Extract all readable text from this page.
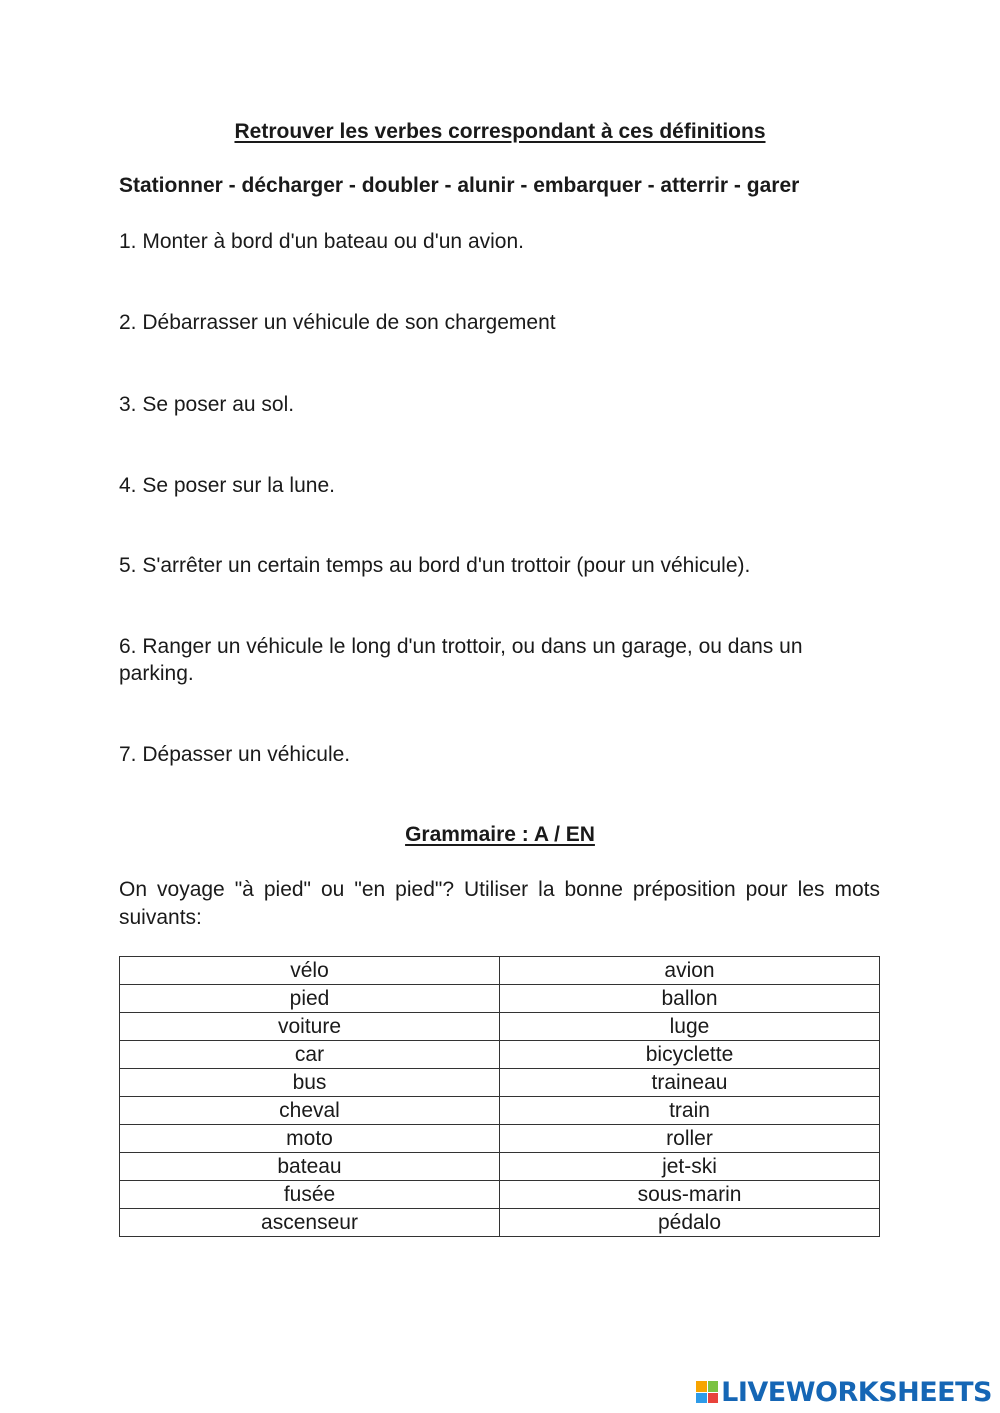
Retrouver les verbes correspondant à ces définitions

Stationner - décharger - doubler - alunir - embarquer - atterrir - garer

1. Monter à bord d'un bateau ou d'un avion.

2. Débarrasser un véhicule de son chargement

3. Se poser au sol.

4. Se poser sur la lune.

5. S'arrêter un certain temps au bord d'un trottoir (pour un véhicule).

6. Ranger un véhicule le long d'un trottoir, ou dans un garage, ou dans un parking.

7. Dépasser un véhicule.

Grammaire : A / EN

On voyage "à pied" ou "en pied"? Utiliser la bonne préposition pour les mots suivants:

vélo	avion
pied	ballon
voiture	luge
car	bicyclette
bus	traineau
cheval	train
moto	roller
bateau	jet-ski
fusée	sous-marin
ascenseur	pédalo
LIVEWORKSHEETS
